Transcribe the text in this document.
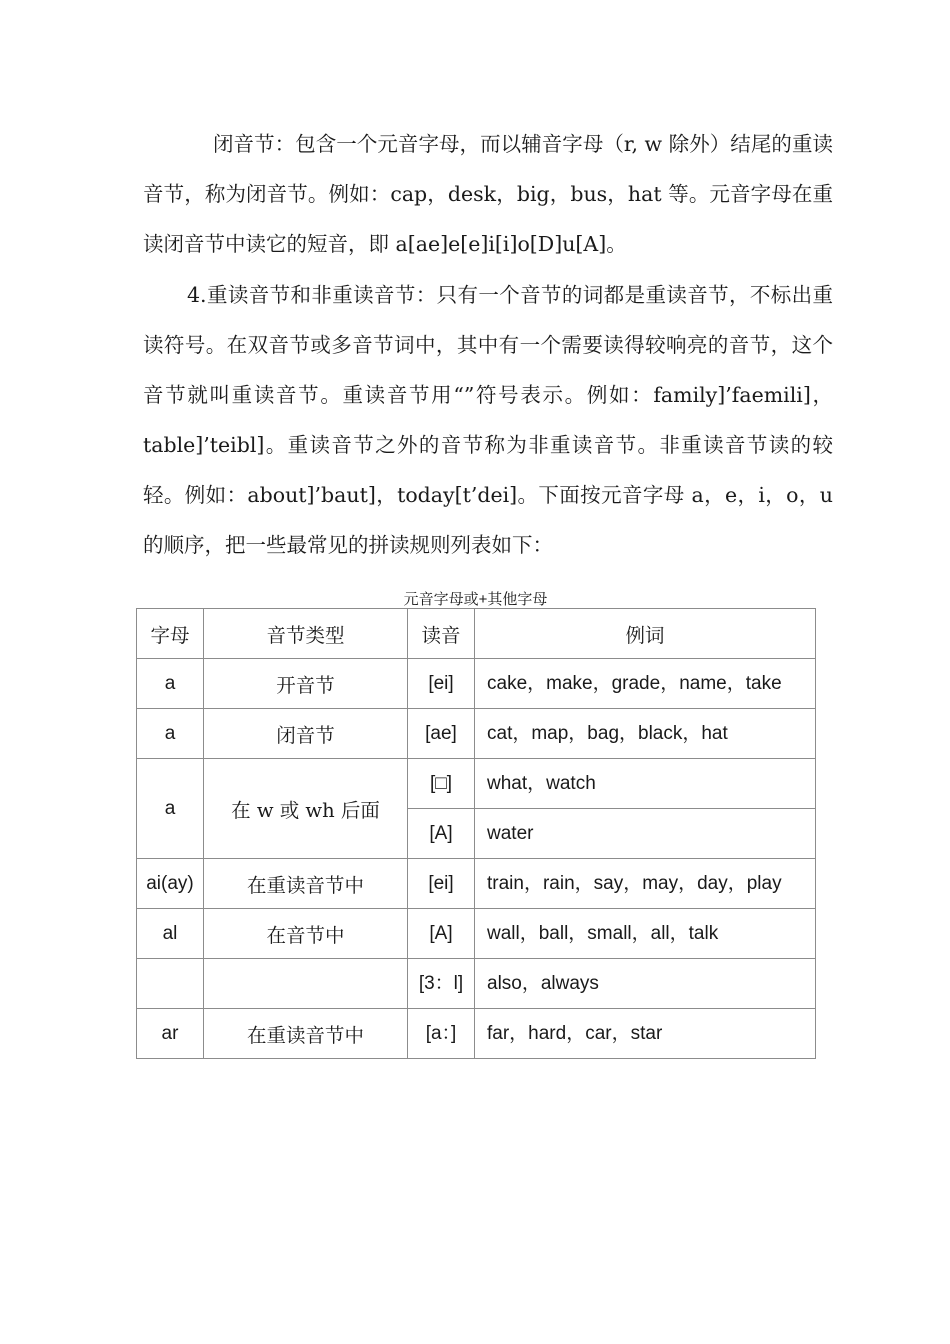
闭音节：包含一个元音字母，而以辅音字母（r, w 除外）结尾的重读音节，称为闭音节。例如：cap，desk，big，bus，hat 等。元音字母在重读闭音节中读它的短音，即 a[ae]e[e]i[i]o[D]u[A]。

4.重读音节和非重读音节：只有一个音节的词都是重读音节，不标出重读符号。在双音节或多音节词中，其中有一个需要读得较响亮的音节，这个音节就叫重读音节。重读音节用“”符号表示。例如：family]’faemili]，table]’teibl]。重读音节之外的音节称为非重读音节。非重读音节读的较轻。例如：about]’baut]，today[t’dei]。下面按元音字母 a，e，i，o，u 的顺序，把一些最常见的拼读规则列表如下：

元音字母或+其他字母
字母	音节类型	读音	例词
a	开音节	[ei]	cake，make，grade，name，take
a	闭音节	[ae]	cat，map，bag，black，hat
a	在 w 或 wh 后面	[□]	what，watch
		[A]	water
ai(ay)	在重读音节中	[ei]	train，rain，say，may，day，play
al	在音节中	[A]	wall，ball，small，all，talk
		[3：l]	also，always
ar	在重读音节中	[a：]	far，hard，car，star
